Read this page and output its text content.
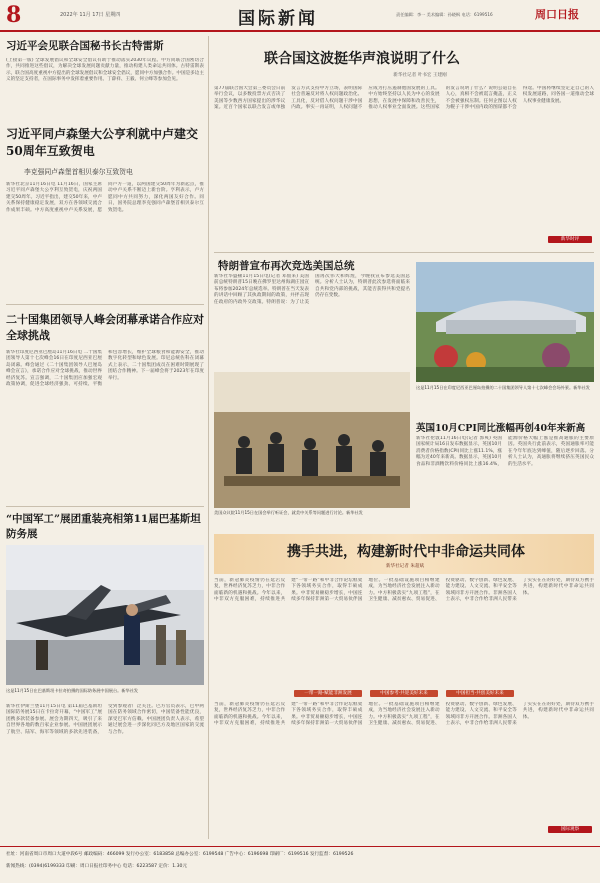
8	2022年 11月 17日 星期四	国际新闻	责任编辑：李一 美术编辑：孙晓枫 电话：6199516	周口日报
习近平会见联合国秘书长古特雷斯
(上接第一版) 全球发展倡议和全球安全倡议有助于推动落实2030年议程。中方同联合国密切合作，共同推进这些倡议，为解决全球发展问题贡献力量，推动构建人类命运共同体。古特雷斯表示，联合国高度重视中方提出的全球发展倡议和全球安全倡议，愿同中方加强合作。中国是多边主义的坚定支持者，在国际事务中发挥着重要作用。丁薛祥、王毅、何立峰等参加会见。
习近平同卢森堡大公亨利就中卢建交50周年互致贺电
李克强同卢森堡首相贝泰尔互致贺电
新华社北京11月16日电 11月16日，国家主席习近平同卢森堡大公亨利互致贺电，庆祝两国建交50周年。习近平指出，建交50年来，中卢关系保持健康稳定发展，双方在各领域交流合作成果丰硕。中方高度重视中卢关系发展，愿同卢方一道，以两国建交50周年为新起点，推动中卢关系不断迈上新台阶。亨利表示，卢方愿同中方共同努力，深化两国友好合作。同日，国务院总理李克强同卢森堡首相贝泰尔互致贺电。
二十国集团领导人峰会闭幕承诺合作应对全球挑战
新华社印度尼西亚巴厘岛11月16日电 二十国集团领导人第十七次峰会16日在印度尼西亚巴厘岛闭幕。峰会通过《二十国集团领导人巴厘岛峰会宣言》，承诺合作应对全球挑战，推动世界经济复苏。宣言强调，二十国集团应加强宏观政策协调，促进全球经济强劲、可持续、平衡和包容增长，维护全球粮食和能源安全，推动数字化转型和绿色发展。印尼总统佐科在闭幕式上表示，二十国集团成员在困难时期展现了团结合作精神。下一届峰会将于2023年在印度举行。
“中国军工”展团重装亮相第11届巴基斯坦防务展
这是11月15日在巴基斯坦卡拉奇拍摄的国际防务展中国展台。新华社发
新华社伊斯兰堡11月15日电 第11届巴基斯坦国际防务展15日在卡拉奇开幕，“中国军工”展团携多款装备参展。展会为期四天，吸引了来自世界各地的数百家企业参展。中国展团展示了航空、陆军、海军等领域的多款先进装备，受到参观者广泛关注。巴方官员表示，巴中两国在防务领域合作密切，中国装备性能优良，深受巴军方信赖。中国展团负责人表示，希望通过展会进一步深化同巴方及地区国家的交流与合作。
联合国这波挺华声浪说明了什么
新华社记者 叶书宏 王建刚
第77届联合国大会第三委员会日前举行会议，以多数投票方式否决了美国等少数西方国家提出的涉华议案。近百个国家以联合发言或单独发言方式支持中方立场，表明国际社会普遍反对将人权问题政治化、工具化，反对借人权问题干涉中国内政。事实一再证明，人权问题不应成为打压遏制他国发展的工具。中方始终坚持以人民为中心的发展思想，在发展中保障和改善民生，推动人权事业全面发展。这些国家的发言说明了什么？说明公道自在人心，真相不会被谎言掩盖，正义不会被强权压制。任何企图以人权为幌子干涉中国内政的图谋都不会得逞。中国将继续坚定走自己的人权发展道路，同各国一道推动全球人权事业健康发展。
新华时评
特朗普宣布再次竞选美国总统
新华社华盛顿11月15日电(记者 邓仙来) 美国前总统特朗普15日晚在佛罗里达州海湖庄园宣布将参加2024年总统选举。特朗普在当天发表的讲话中回顾了其执政期间的政策，并抨击现任政府的内政外交政策。特朗普说：为了让美国再次伟大和辉煌，今晚我宣布参选美国总统。分析人士认为，特朗普此次参选将面临来自共和党内部的挑战，其能否获得共和党提名仍存在变数。
美国众议院11月15日在国会举行听证会，就美中关系等问题进行讨论。新华社发
这是11月15日在印度尼西亚巴厘岛拍摄的二十国集团领导人第十七次峰会会场外景。新华社发
英国10月CPI同比涨幅再创40年来新高
新华社伦敦11月16日电(记者 郭爽) 英国国家统计局16日发布数据显示，英国10月消费者价格指数(CPI)同比上涨11.1%，涨幅为近40年来新高。数据显示，英国10月食品和非酒精饮料价格同比上涨16.4%，能源价格大幅上涨是推高通胀的主要原因。英国央行此前表示，英国通胀率可能在今年年底达到峰值，随后逐步回落。分析人士认为，高通胀将继续挤压英国民众的生活水平。
携手共进，构建新时代中非命运共同体
新华社记者 朱超斌
当前，新冠肺炎疫情仍在延宕反复，世界经济复苏乏力，中非合作面临新的机遇和挑战。今年以来，中非双方克服困难，持续推进共建“一带一路”和中非合作论坛框架下各领域务实合作，取得丰硕成果。中非贸易额稳步增长，中国连续多年保持非洲第一大贸易伙伴国地位。一批基础设施项目相继建成，为当地经济社会发展注入新动力。中方积极落实“九项工程”，在卫生健康、减贫惠农、贸易促进、投资驱动、数字创新、绿色发展、能力建设、人文交流、和平安全等领域同非方开展合作。非洲各国人士表示，中非合作给非洲人民带来了实实在在的好处，期待双方携手共进，构建新时代中非命运共同体。
一带一路·赋能非洲发展	中国参考·共迎美好未来	中国担当·共创美好未来
当前，新冠肺炎疫情仍在延宕反复，世界经济复苏乏力，中非合作面临新的机遇和挑战。今年以来，中非双方克服困难，持续推进共建“一带一路”和中非合作论坛框架下各领域务实合作，取得丰硕成果。中非贸易额稳步增长，中国连续多年保持非洲第一大贸易伙伴国地位。一批基础设施项目相继建成，为当地经济社会发展注入新动力。中方积极落实“九项工程”，在卫生健康、减贫惠农、贸易促进、投资驱动、数字创新、绿色发展、能力建设、人文交流、和平安全等领域同非方开展合作。非洲各国人士表示，中非合作给非洲人民带来了实实在在的好处，期待双方携手共进，构建新时代中非命运共同体。
国际观察
社址：河南省周口市周口大道中段6号 邮政编码：466099 发行办公室：6183858 总编办公室：6199548 广告中心：6196698 印刷厂：6199516 发行监督：6199526
新闻热线：(0394)6199333 印刷：周口日报社印务中心 电话：6223587 定价：1.30元
